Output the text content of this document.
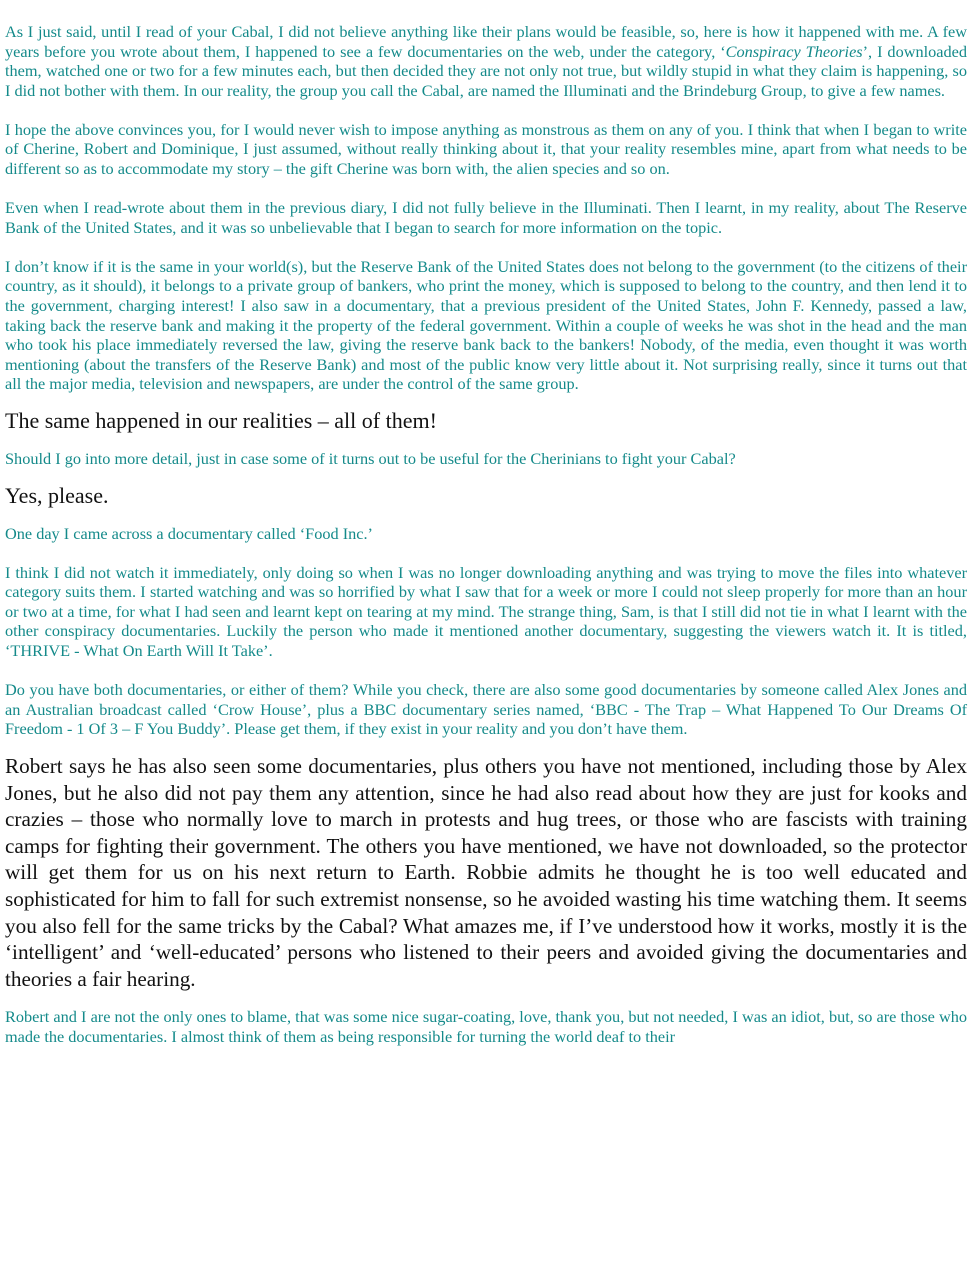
As I just said, until I read of your Cabal, I did not believe anything like their plans would be feasible, so, here is how it happened with me. A few years before you wrote about them, I happened to see a few documentaries on the web, under the category, ‘Conspiracy Theories’, I downloaded them, watched one or two for a few minutes each, but then decided they are not only not true, but wildly stupid in what they claim is happening, so I did not bother with them. In our reality, the group you call the Cabal, are named the Illuminati and the Brindeburg Group, to give a few names.

I hope the above convinces you, for I would never wish to impose anything as monstrous as them on any of you. I think that when I began to write of Cherine, Robert and Dominique, I just assumed, without really thinking about it, that your reality resembles mine, apart from what needs to be different so as to accommodate my story – the gift Cherine was born with, the alien species and so on.

Even when I read-wrote about them in the previous diary, I did not fully believe in the Illuminati. Then I learnt, in my reality, about The Reserve Bank of the United States, and it was so unbelievable that I began to search for more information on the topic.

I don’t know if it is the same in your world(s), but the Reserve Bank of the United States does not belong to the government (to the citizens of their country, as it should), it belongs to a private group of bankers, who print the money, which is supposed to belong to the country, and then lend it to the government, charging interest! I also saw in a documentary, that a previous president of the United States, John F. Kennedy, passed a law, taking back the reserve bank and making it the property of the federal government. Within a couple of weeks he was shot in the head and the man who took his place immediately reversed the law, giving the reserve bank back to the bankers! Nobody, of the media, even thought it was worth mentioning (about the transfers of the Reserve Bank) and most of the public know very little about it. Not surprising really, since it turns out that all the major media, television and newspapers, are under the control of the same group.

The same happened in our realities – all of them!

Should I go into more detail, just in case some of it turns out to be useful for the Cherinians to fight your Cabal?

Yes, please.

One day I came across a documentary called ‘Food Inc.’

I think I did not watch it immediately, only doing so when I was no longer downloading anything and was trying to move the files into whatever category suits them. I started watching and was so horrified by what I saw that for a week or more I could not sleep properly for more than an hour or two at a time, for what I had seen and learnt kept on tearing at my mind. The strange thing, Sam, is that I still did not tie in what I learnt with the other conspiracy documentaries. Luckily the person who made it mentioned another documentary, suggesting the viewers watch it. It is titled, ‘THRIVE - What On Earth Will It Take’.

Do you have both documentaries, or either of them? While you check, there are also some good documentaries by someone called Alex Jones and an Australian broadcast called ‘Crow House’, plus a BBC documentary series named, ‘BBC - The Trap – What Happened To Our Dreams Of Freedom - 1 Of 3 – F You Buddy’. Please get them, if they exist in your reality and you don’t have them.

Robert says he has also seen some documentaries, plus others you have not mentioned, including those by Alex Jones, but he also did not pay them any attention, since he had also read about how they are just for kooks and crazies – those who normally love to march in protests and hug trees, or those who are fascists with training camps for fighting their government. The others you have mentioned, we have not downloaded, so the protector will get them for us on his next return to Earth. Robbie admits he thought he is too well educated and sophisticated for him to fall for such extremist nonsense, so he avoided wasting his time watching them. It seems you also fell for the same tricks by the Cabal? What amazes me, if I’ve understood how it works, mostly it is the ‘intelligent’ and ‘well-educated’ persons who listened to their peers and avoided giving the documentaries and theories a fair hearing.

Robert and I are not the only ones to blame, that was some nice sugar-coating, love, thank you, but not needed, I was an idiot, but, so are those who made the documentaries. I almost think of them as being responsible for turning the world deaf to their
